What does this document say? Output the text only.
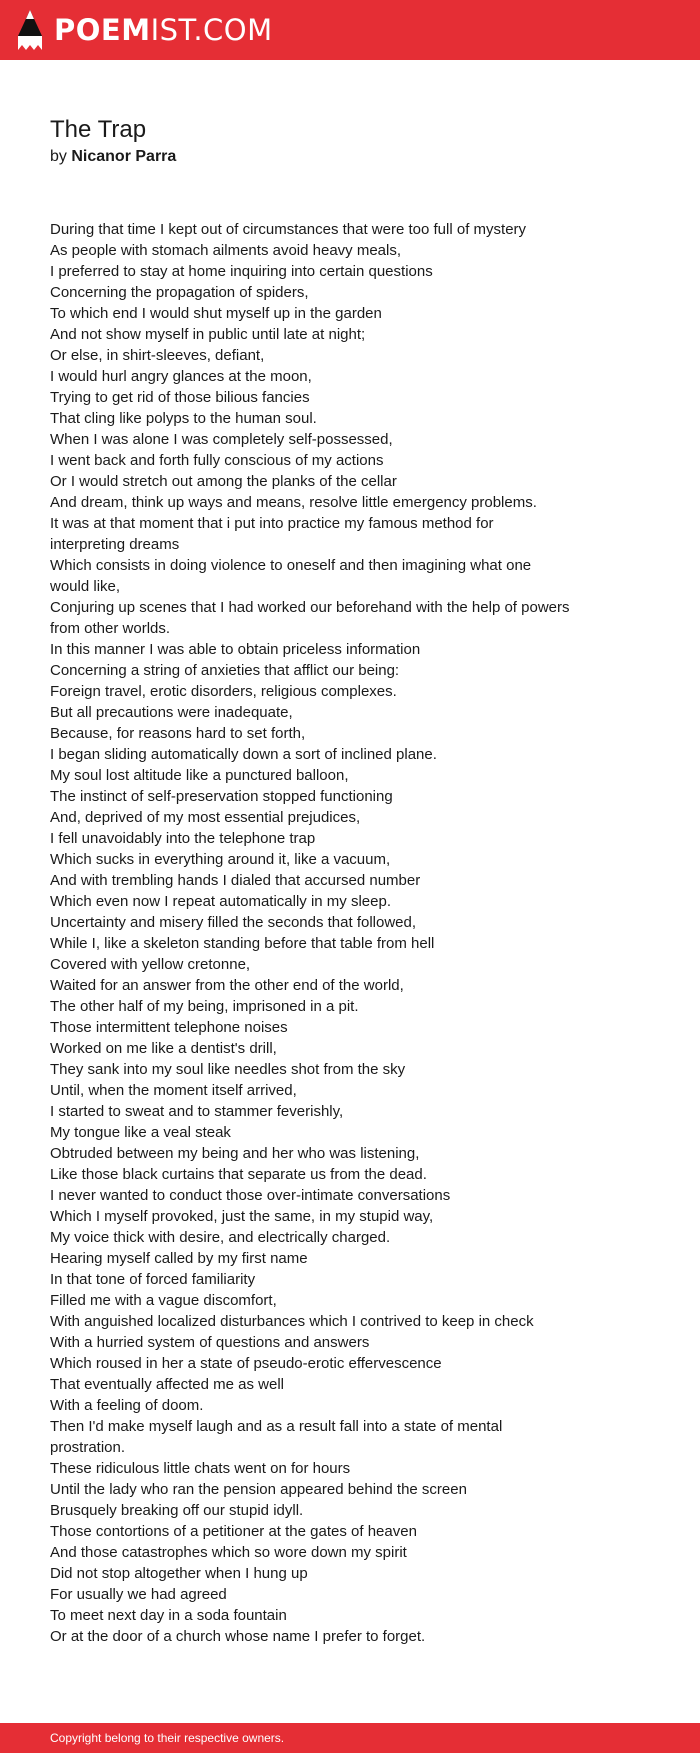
POEMIST.COM
The Trap
by Nicanor Parra
During that time I kept out of circumstances that were too full of mystery
As people with stomach ailments avoid heavy meals,
I preferred to stay at home inquiring into certain questions
Concerning the propagation of spiders,
To which end I would shut myself up in the garden
And not show myself in public until late at night;
Or else, in shirt-sleeves, defiant,
I would hurl angry glances at the moon,
Trying to get rid of those bilious fancies
That cling like polyps to the human soul.
When I was alone I was completely self-possessed,
I went back and forth fully conscious of my actions
Or I would stretch out among the planks of the cellar
And dream, think up ways and means, resolve little emergency problems.
It was at that moment that i put into practice my famous method for interpreting dreams
Which consists in doing violence to oneself and then imagining what one would like,
Conjuring up scenes that I had worked our beforehand with the help of powers from other worlds.
In this manner I was able to obtain priceless information
Concerning a string of anxieties that afflict our being:
Foreign travel, erotic disorders, religious complexes.
But all precautions were inadequate,
Because, for reasons hard to set forth,
I began sliding automatically down a sort of inclined plane.
My soul lost altitude like a punctured balloon,
The instinct of self-preservation stopped functioning
And, deprived of my most essential prejudices,
I fell unavoidably into the telephone trap
Which sucks in everything around it, like a vacuum,
And with trembling hands I dialed that accursed number
Which even now I repeat automatically in my sleep.
Uncertainty and misery filled the seconds that followed,
While I, like a skeleton standing before that table from hell
Covered with yellow cretonne,
Waited for an answer from the other end of the world,
The other half of my being, imprisoned in a pit.
Those intermittent telephone noises
Worked on me like a dentist's drill,
They sank into my soul like needles shot from the sky
Until, when the moment itself arrived,
I started to sweat and to stammer feverishly,
My tongue like a veal steak
Obtruded between my being and her who was listening,
Like those black curtains that separate us from the dead.
I never wanted to conduct those over-intimate conversations
Which I myself provoked, just the same, in my stupid way,
My voice thick with desire, and electrically charged.
Hearing myself called by my first name
In that tone of forced familiarity
Filled me with a vague discomfort,
With anguished localized disturbances which I contrived to keep in check
With a hurried system of questions and answers
Which roused in her a state of pseudo-erotic effervescence
That eventually affected me as well
With a feeling of doom.
Then I'd make myself laugh and as a result fall into a state of mental prostration.
These ridiculous little chats went on for hours
Until the lady who ran the pension appeared behind the screen
Brusquely breaking off our stupid idyll.
Those contortions of a petitioner at the gates of heaven
And those catastrophes which so wore down my spirit
Did not stop altogether when I hung up
For usually we had agreed
To meet next day in a soda fountain
Or at the door of a church whose name I prefer to forget.
Copyright belong to their respective owners.
